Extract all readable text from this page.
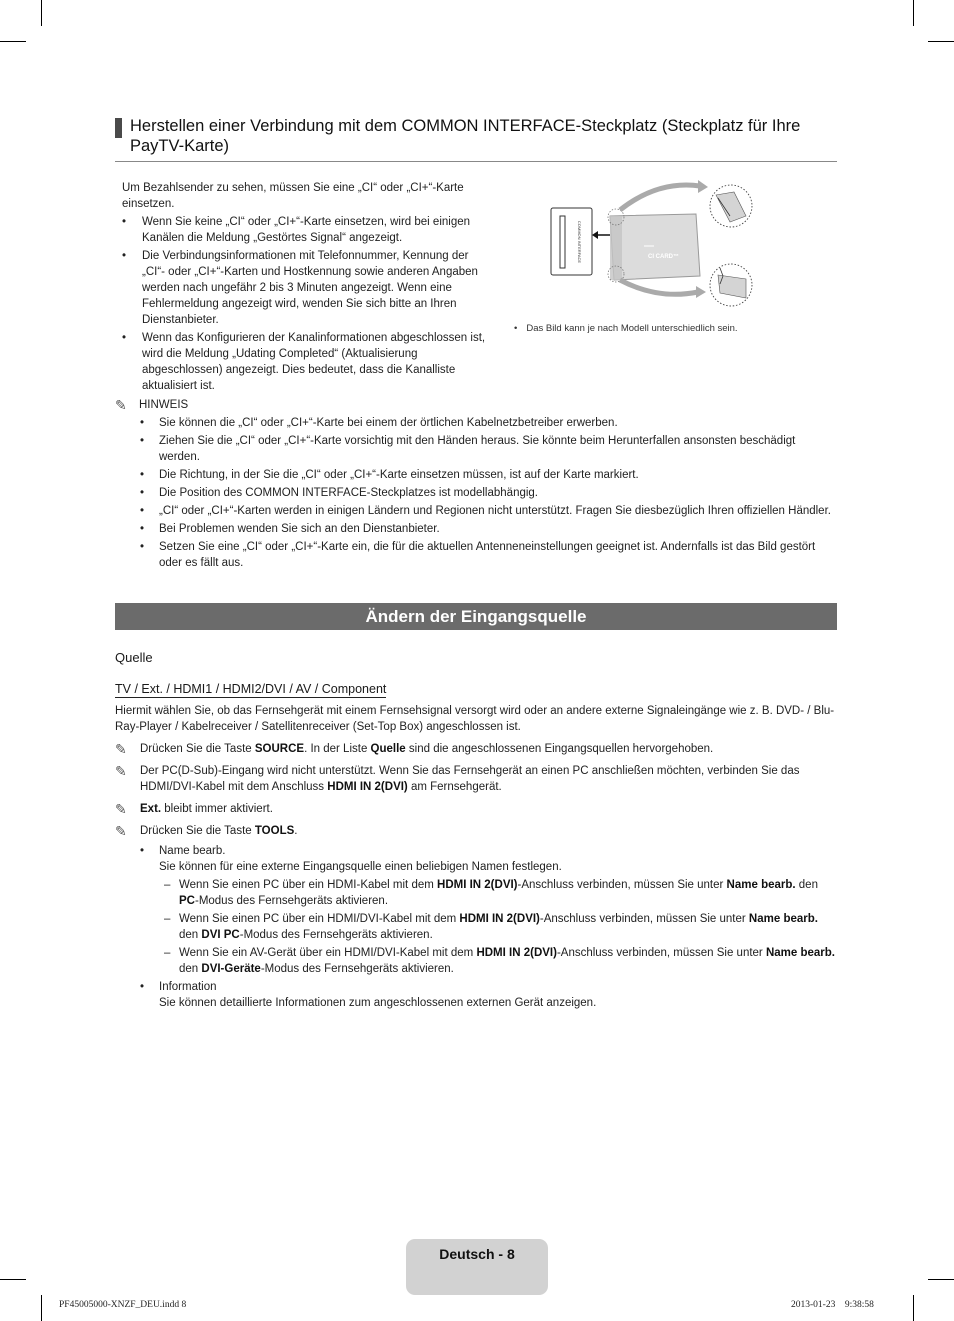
Herstellen einer Verbindung mit dem COMMON INTERFACE-Steckplatz (Steckplatz für Ihre PayTV-Karte)

Um Bezahlsender zu sehen, müssen Sie eine „CI“ oder „CI+“-Karte einsetzen.

• Wenn Sie keine „CI“ oder „CI+“-Karte einsetzen, wird bei einigen Kanälen die Meldung „Gestörtes Signal“ angezeigt.
• Die Verbindungsinformationen mit Telefonnummer, Kennung der „CI“- oder „CI+“-Karten und Hostkennung sowie anderen Angaben werden nach ungefähr 2 bis 3 Minuten angezeigt. Wenn eine Fehlermeldung angezeigt wird, wenden Sie sich bitte an Ihren Dienstanbieter.
• Wenn das Konfigurieren der Kanalinformationen abgeschlossen ist, wird die Meldung „Udating Completed“ (Aktualisierung abgeschlossen) angezeigt. Dies bedeutet, dass die Kanalliste aktualisiert ist.
COMMON INTERFACE	CI CARD™
• Das Bild kann je nach Modell unterschiedlich sein.
✎	HINWEIS
• Sie können die „CI“ oder „CI+“-Karte bei einem der örtlichen Kabelnetzbetreiber erwerben.
• Ziehen Sie die „CI“ oder „CI+“-Karte vorsichtig mit den Händen heraus. Sie könnte beim Herunterfallen ansonsten beschädigt werden.
• Die Richtung, in der Sie die „CI“ oder „CI+“-Karte einsetzen müssen, ist auf der Karte markiert.
• Die Position des COMMON INTERFACE-Steckplatzes ist modellabhängig.
• „CI“ oder „CI+“-Karten werden in einigen Ländern und Regionen nicht unterstützt. Fragen Sie diesbezüglich Ihren offiziellen Händler.
• Bei Problemen wenden Sie sich an den Dienstanbieter.
• Setzen Sie eine „CI“ oder „CI+“-Karte ein, die für die aktuellen Antenneneinstellungen geeignet ist. Andernfalls ist das Bild gestört oder es fällt aus.
Ändern der Eingangsquelle
Quelle
TV / Ext. / HDMI1 / HDMI2/DVI / AV / Component

Hiermit wählen Sie, ob das Fernsehgerät mit einem Fernsehsignal versorgt wird oder an andere externe Signaleingänge wie z. B. DVD- / Blu-Ray-Player / Kabelreceiver / Satellitenreceiver (Set-Top Box) angeschlossen ist.

✎	Drücken Sie die Taste SOURCE. In der Liste Quelle sind die angeschlossenen Eingangsquellen hervorgehoben.
✎	Der PC(D-Sub)-Eingang wird nicht unterstützt. Wenn Sie das Fernsehgerät an einen PC anschließen möchten, verbinden Sie das HDMI/DVI-Kabel mit dem Anschluss HDMI IN 2(DVI) am Fernsehgerät.
✎	Ext. bleibt immer aktiviert.
✎	Drücken Sie die Taste TOOLS.
• Name bearb.
Sie können für eine externe Eingangsquelle einen beliebigen Namen festlegen.
– Wenn Sie einen PC über ein HDMI-Kabel mit dem HDMI IN 2(DVI)-Anschluss verbinden, müssen Sie unter Name bearb. den PC-Modus des Fernsehgeräts aktivieren.
– Wenn Sie einen PC über ein HDMI/DVI-Kabel mit dem HDMI IN 2(DVI)-Anschluss verbinden, müssen Sie unter Name bearb. den DVI PC-Modus des Fernsehgeräts aktivieren.
– Wenn Sie ein AV-Gerät über ein HDMI/DVI-Kabel mit dem HDMI IN 2(DVI)-Anschluss verbinden, müssen Sie unter Name bearb. den DVI-Geräte-Modus des Fernsehgeräts aktivieren.
• Information
Sie können detaillierte Informationen zum angeschlossenen externen Gerät anzeigen.
Deutsch - 8
PF45005000-XNZF_DEU.indd 8	2013-01-23    9:38:58
